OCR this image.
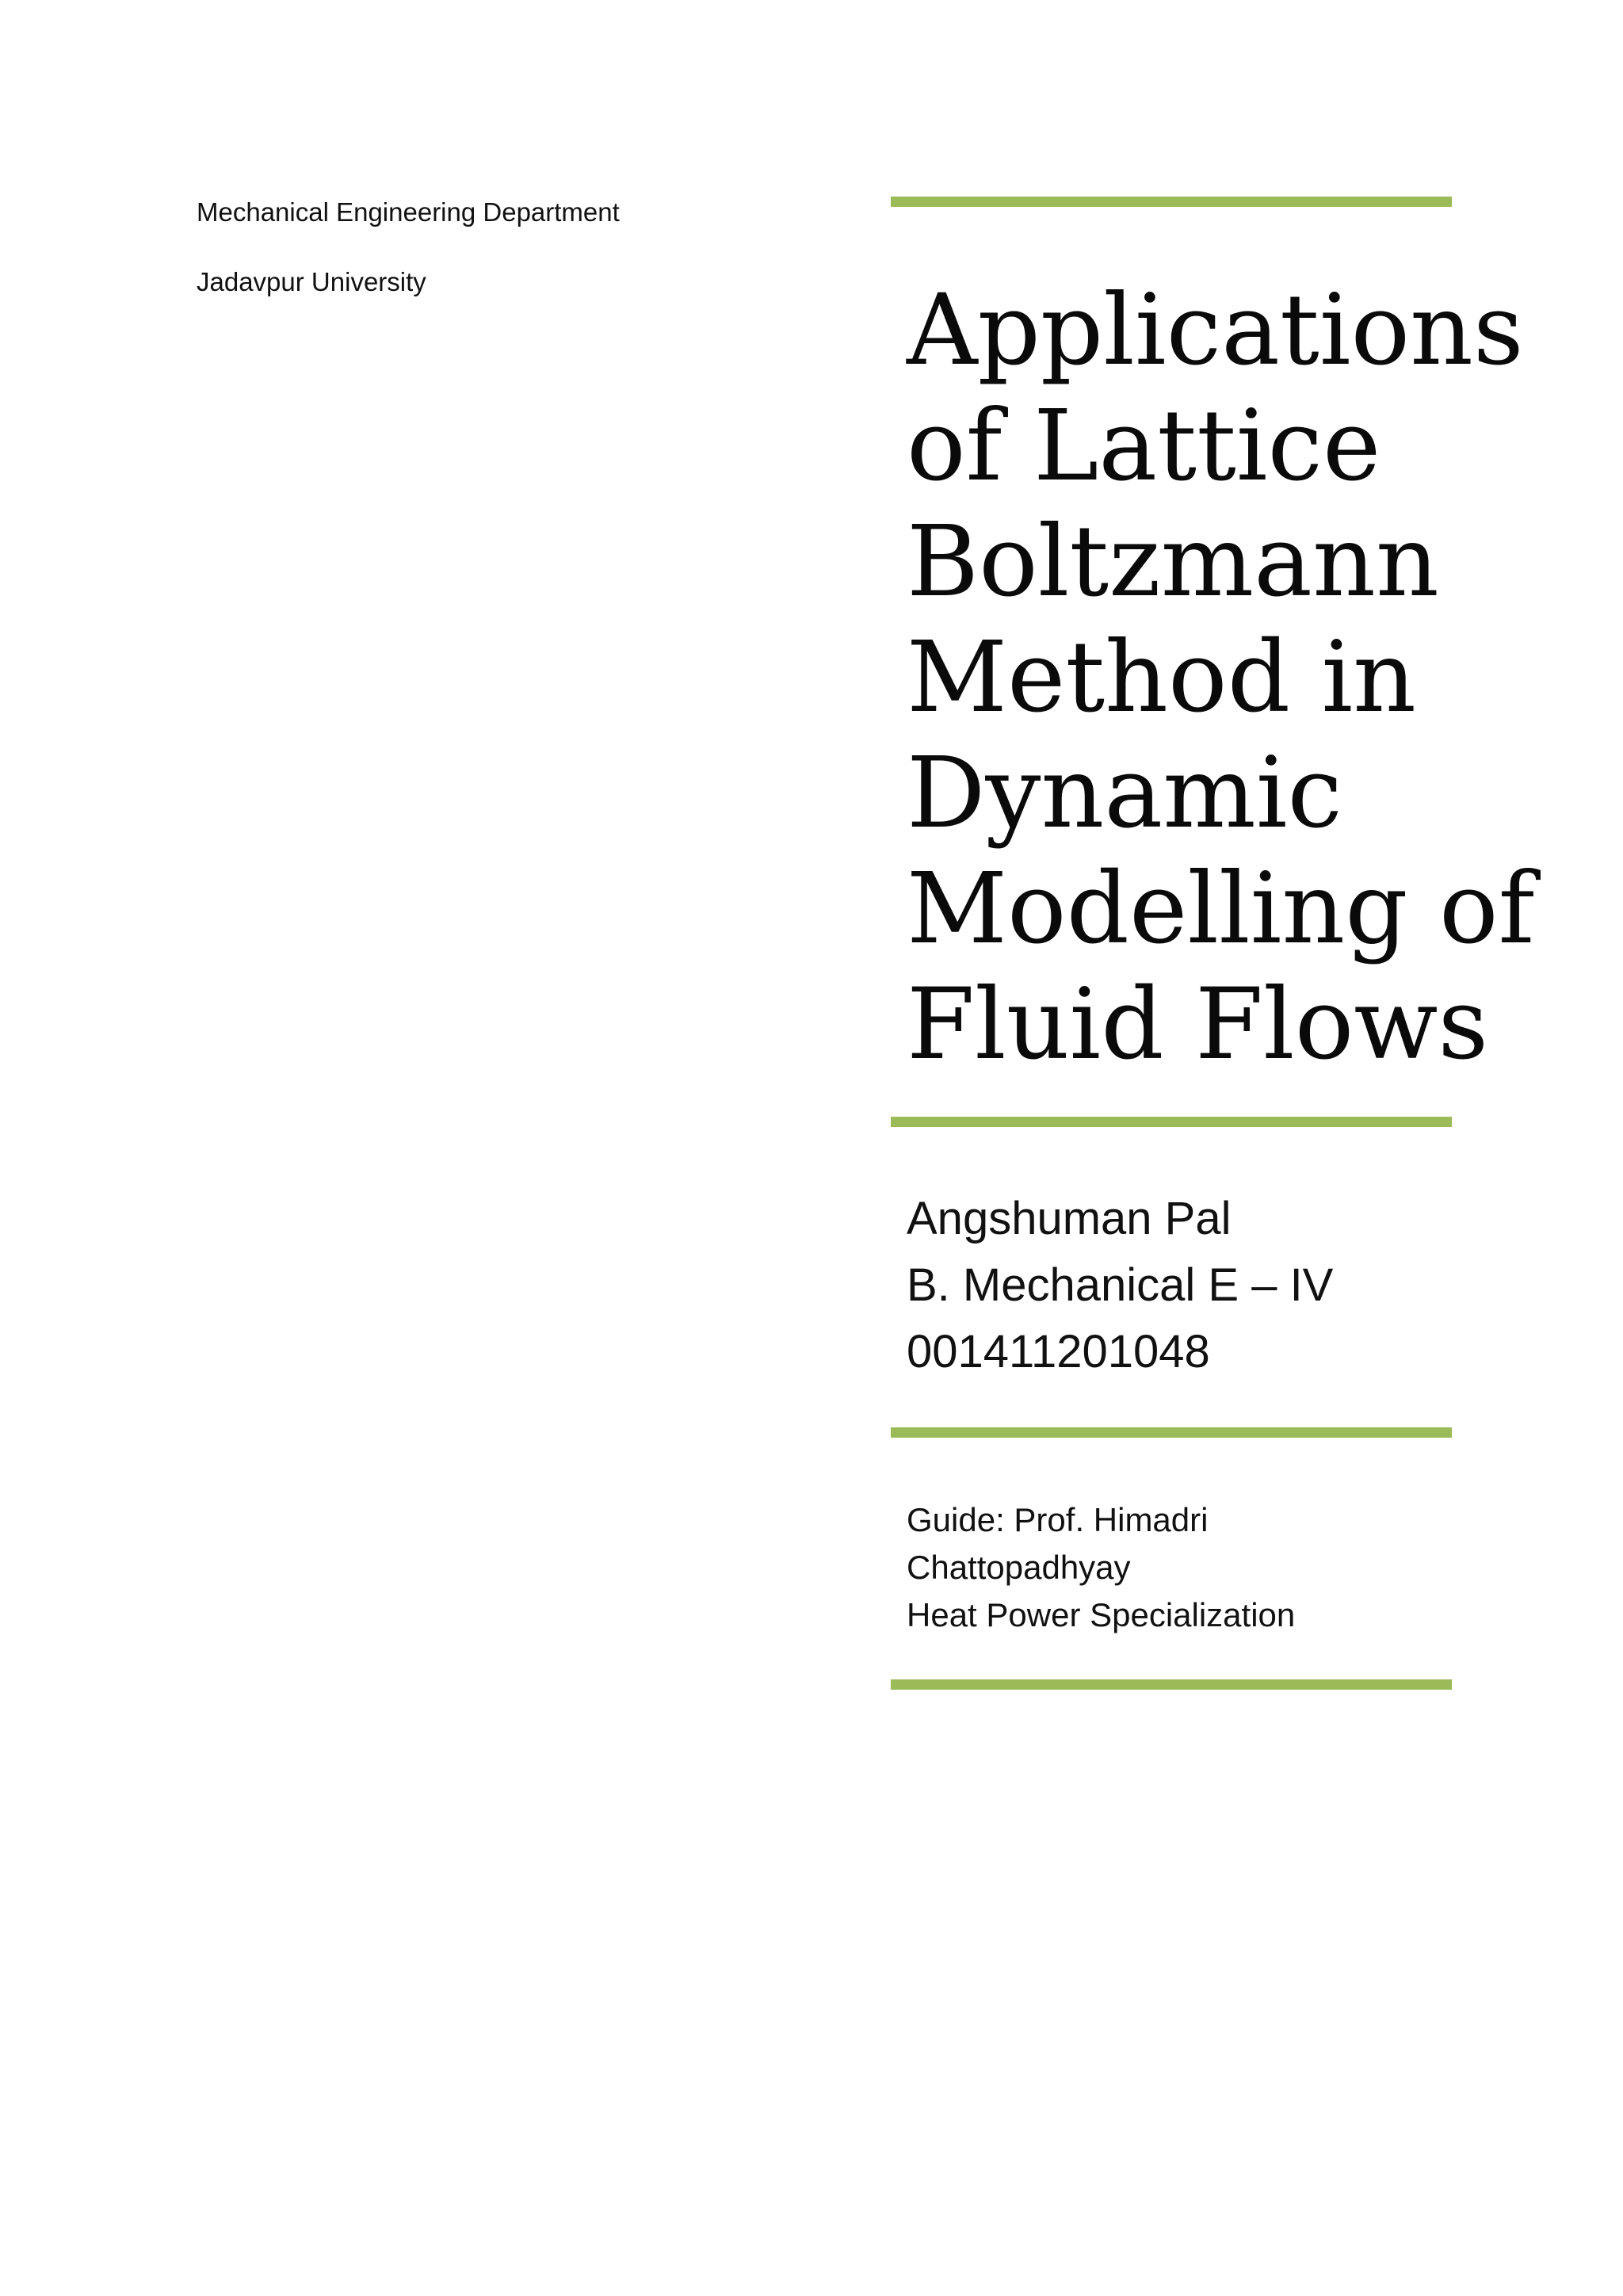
Mechanical Engineering Department
Jadavpur University	Applications
of Lattice
Boltzmann
Method in
Dynamic
Modelling of
Fluid Flows
Angshuman Pal
B. Mechanical E – IV
001411201048
Guide: Prof. Himadri
Chattopadhyay
Heat Power Specialization
